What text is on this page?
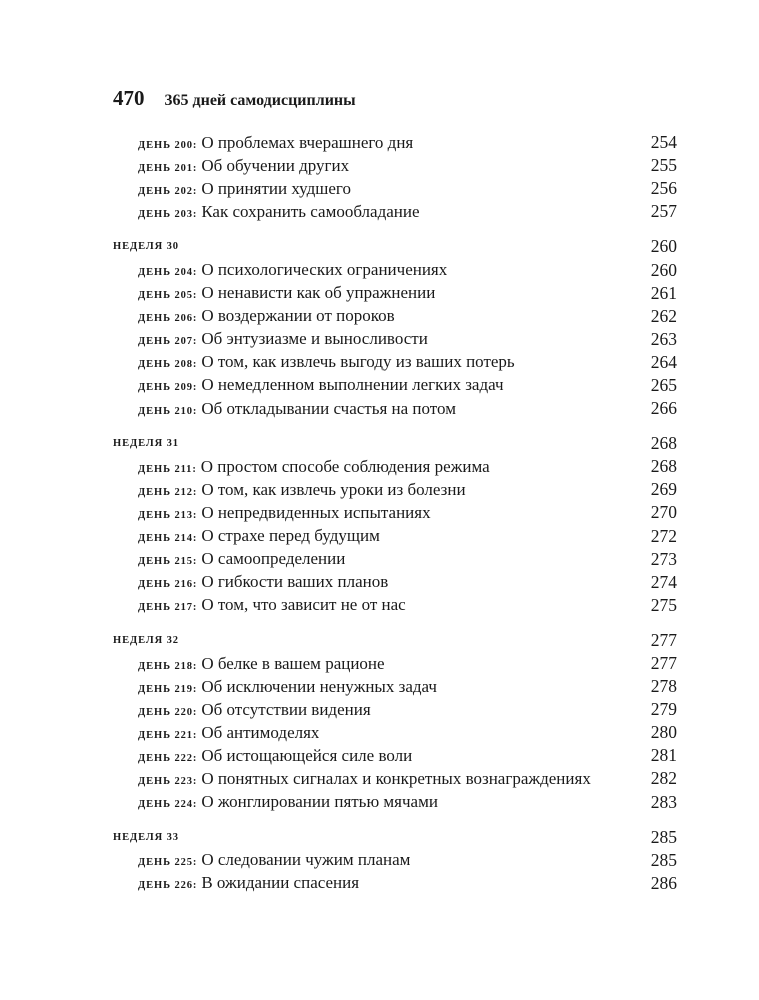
470 365 дней самодисциплины
ДЕНЬ 200: О проблемах вчерашнего дня	254
ДЕНЬ 201: Об обучении других	255
ДЕНЬ 202: О принятии худшего	256
ДЕНЬ 203: Как сохранить самообладание	257
НЕДЕЛЯ 30	260
ДЕНЬ 204: О психологических ограничениях	260
ДЕНЬ 205: О ненависти как об упражнении	261
ДЕНЬ 206: О воздержании от пороков	262
ДЕНЬ 207: Об энтузиазме и выносливости	263
ДЕНЬ 208: О том, как извлечь выгоду из ваших потерь	264
ДЕНЬ 209: О немедленном выполнении легких задач	265
ДЕНЬ 210: Об откладывании счастья на потом	266
НЕДЕЛЯ 31	268
ДЕНЬ 211: О простом способе соблюдения режима	268
ДЕНЬ 212: О том, как извлечь уроки из болезни	269
ДЕНЬ 213: О непредвиденных испытаниях	270
ДЕНЬ 214: О страхе перед будущим	272
ДЕНЬ 215: О самоопределении	273
ДЕНЬ 216: О гибкости ваших планов	274
ДЕНЬ 217: О том, что зависит не от нас	275
НЕДЕЛЯ 32	277
ДЕНЬ 218: О белке в вашем рационе	277
ДЕНЬ 219: Об исключении ненужных задач	278
ДЕНЬ 220: Об отсутствии видения	279
ДЕНЬ 221: Об антимоделях	280
ДЕНЬ 222: Об истощающейся силе воли	281
ДЕНЬ 223: О понятных сигналах и конкретных вознаграждениях	282
ДЕНЬ 224: О жонглировании пятью мячами	283
НЕДЕЛЯ 33	285
ДЕНЬ 225: О следовании чужим планам	285
ДЕНЬ 226: В ожидании спасения	286
